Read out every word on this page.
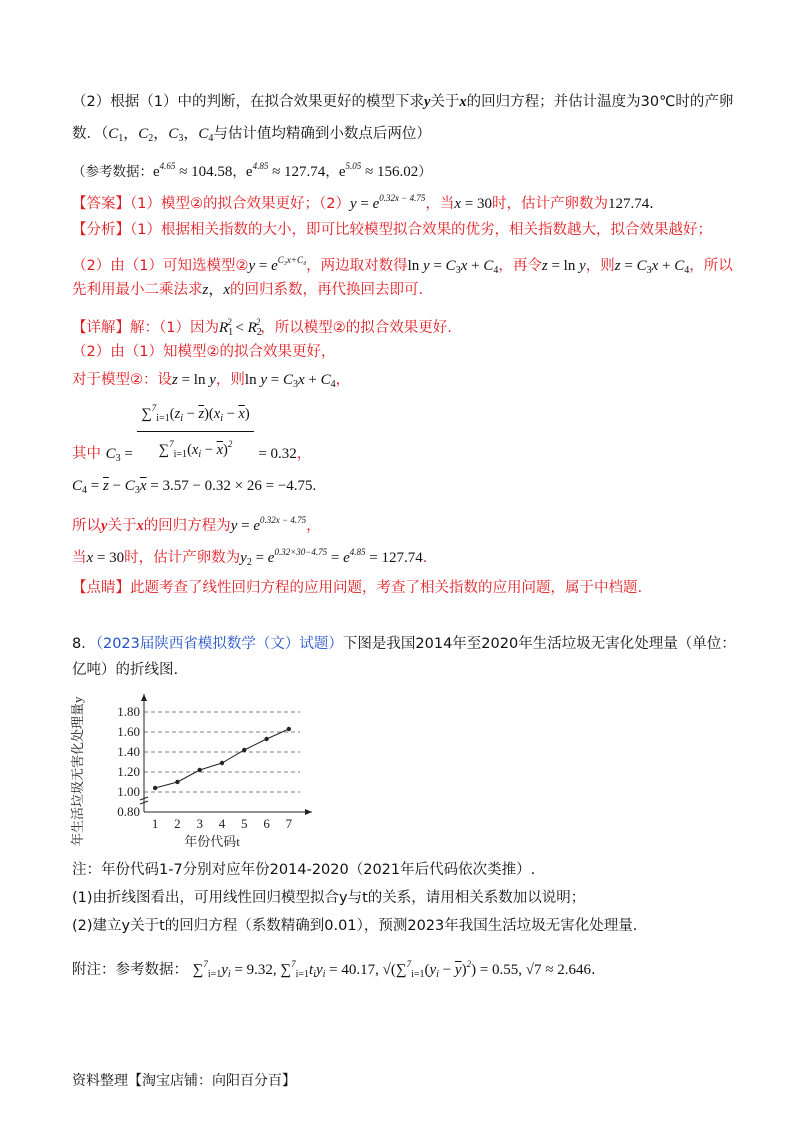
（2）根据（1）中的判断，在拟合效果更好的模型下求y关于x的回归方程；并估计温度为30℃时的产卵
数．（$C_1$，$C_2$，$C_3$，$C_4$与估计值均精确到小数点后两位）
（参考数据：$e^{4.65} \approx 104.58$，$e^{4.85} \approx 127.74$，$e^{5.05} \approx 156.02$）
【答案】（1）模型②的拟合效果更好；$(2)y = e^{0.32x - 4.75}$，当x = 30时，估计产卵数为127.74.
【分析】（1）根据相关指数的大小，即可比较模型拟合效果的优劣，相关指数越大，拟合效果越好；
（2）由（1）可知选模型②y = $e^{C_3x+C_4}$，两边取对数得$\ln y = C_3x + C_4$，再令z = ln y，则$z = C_3x + C_4$，所以
先利用最小二乘法求z，x的回归系数，再代换回去即可.
【详解】解：（1）因为$R_1^2 < R_2^2$，所以模型②的拟合效果更好.
（2）由（1）知模型②的拟合效果更好，
对于模型②：设z = ln y，则$\ln y = C_3x + C_4$，
其中 $C_3 = \frac{\sum^7_{i=1}(z_i - \overline{z})(x_i - \overline{x})}{\sum^7_{i=1}(x_i - \overline{x})^2} = 0.32$，
$C_4 = \overline{z} - C_3\overline{x} = 3.57 - 0.32 \times 26 = -4.75$.
所以y关于x的回归方程为$y = e^{0.32x - 4.75}$，
当x = 30时，估计产卵数为$y_2 = e^{0.32\times 30-4.75} = e^{4.85} = 127.74$.
【点睛】此题考查了线性回归方程的应用问题，考查了相关指数的应用问题，属于中档题.
8．（2023届陕西省模拟数学（文）试题）下图是我国2014年至2020年生活垃圾无害化处理量（单位：
亿吨）的折线图.
0.80
1.00
1.20
1.40
1.60
1.80
1 2 3 4 5 6 7
年生活垃圾无害化处理量y	年份代码t
注：年份代码1-7分别对应年份2014-2020（2021年后代码依次类推）.
(1)由折线图看出，可用线性回归模型拟合y与t的关系，请用相关系数加以说明；
(2)建立y关于t的回归方程（系数精确到0.01），预测2023年我国生活垃圾无害化处理量.
附注：参考数据： $\sum^7_{i=1}y_i = 9.32$, $\sum^7_{i=1}t_iy_i = 40.17$, $√(\sum^7_{i=1}(y_i - \overline{y})^2) = 0.55$, √7 ≈ 2.646.
资料整理【淘宝店铺：向阳百分百】
